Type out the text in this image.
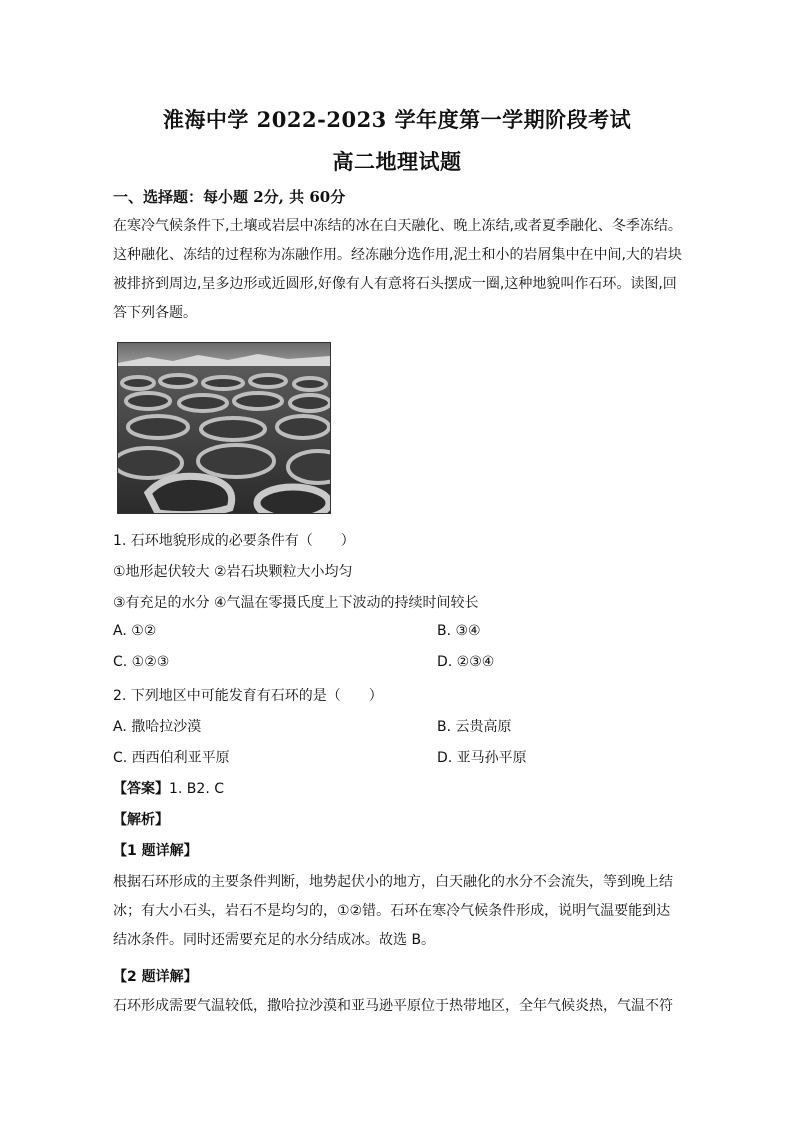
淮海中学 2022-2023 学年度第一学期阶段考试
高二地理试题
一、选择题：每小题 2分, 共 60分
在寒冷气候条件下,土壤或岩层中冻结的冰在白天融化、晚上冻结,或者夏季融化、冬季冻结。这种融化、冻结的过程称为冻融作用。经冻融分选作用,泥土和小的岩屑集中在中间,大的岩块被排挤到周边,呈多边形或近圆形,好像有人有意将石头摆成一圈,这种地貌叫作石环。读图,回答下列各题。
1. 石环地貌形成的必要条件有（　　）
①地形起伏较大 ②岩石块颗粒大小均匀
③有充足的水分 ④气温在零摄氏度上下波动的持续时间较长
A. ①②	B. ③④
C. ①②③	D. ②③④
2. 下列地区中可能发育有石环的是（　　）
A. 撒哈拉沙漠	B. 云贵高原
C. 西西伯利亚平原	D. 亚马孙平原
【答案】1. B2. C
【解析】
【1 题详解】
根据石环形成的主要条件判断，地势起伏小的地方，白天融化的水分不会流失，等到晚上结冰；有大小石头，岩石不是均匀的，①②错。石环在寒冷气候条件形成，说明气温要能到达结冰条件。同时还需要充足的水分结成冰。故选 B。
【2 题详解】
石环形成需要气温较低，撒哈拉沙漠和亚马逊平原位于热带地区，全年气候炎热，气温不符
